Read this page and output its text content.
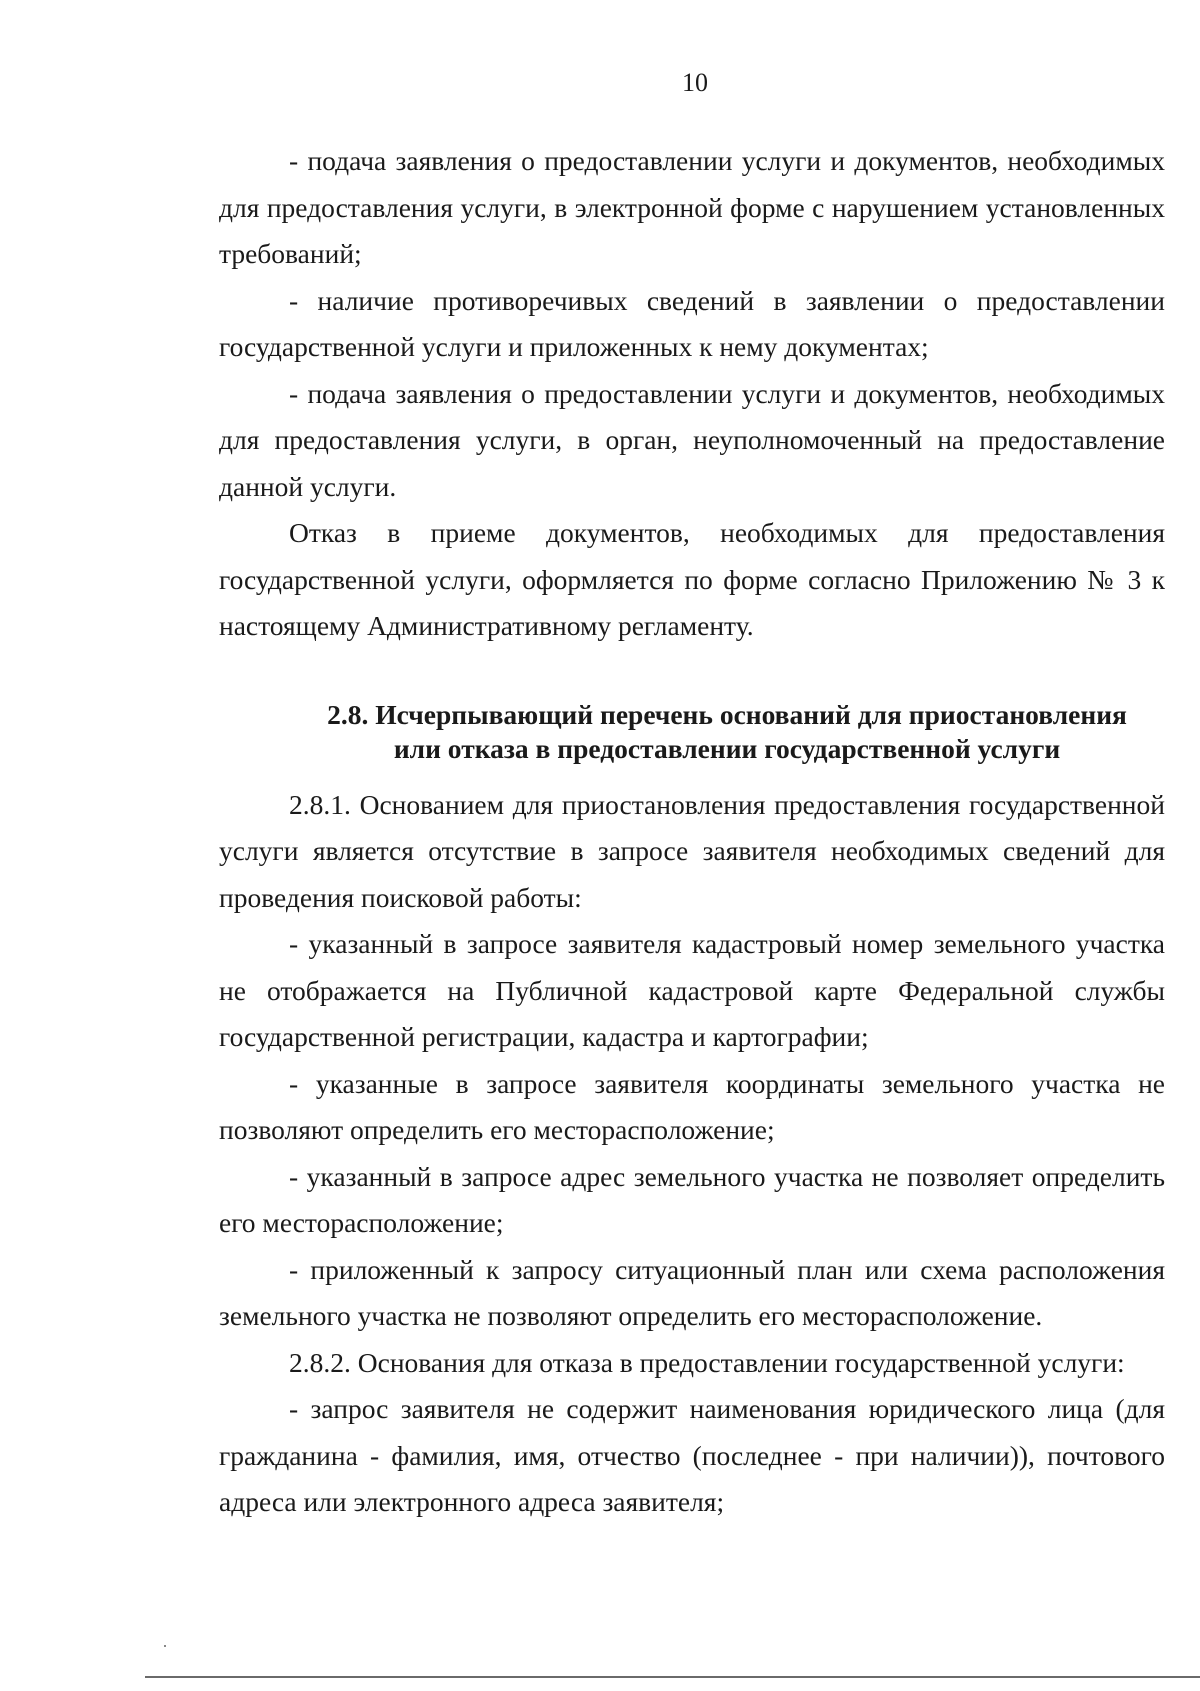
10

- подача заявления о предоставлении услуги и документов, необходимых для предоставления услуги, в электронной форме с нарушением установленных требований;

- наличие противоречивых сведений в заявлении о предоставлении государственной услуги и приложенных к нему документах;

- подача заявления о предоставлении услуги и документов, необходимых для предоставления услуги, в орган, неуполномоченный на предоставление данной услуги.

Отказ в приеме документов, необходимых для предоставления государственной услуги, оформляется по форме согласно Приложению № 3 к настоящему Административному регламенту.

2.8. Исчерпывающий перечень оснований для приостановления
или отказа в предоставлении государственной услуги

2.8.1. Основанием для приостановления предоставления государственной услуги является отсутствие в запросе заявителя необходимых сведений для проведения поисковой работы:

- указанный в запросе заявителя кадастровый номер земельного участка не отображается на Публичной кадастровой карте Федеральной службы государственной регистрации, кадастра и картографии;

- указанные в запросе заявителя координаты земельного участка не позволяют определить его месторасположение;

- указанный в запросе адрес земельного участка не позволяет определить его месторасположение;

- приложенный к запросу ситуационный план или схема расположения земельного участка не позволяют определить его месторасположение.

2.8.2. Основания для отказа в предоставлении государственной услуги:

- запрос заявителя не содержит наименования юридического лица (для гражданина - фамилия, имя, отчество (последнее - при наличии)), почтового адреса или электронного адреса заявителя;
